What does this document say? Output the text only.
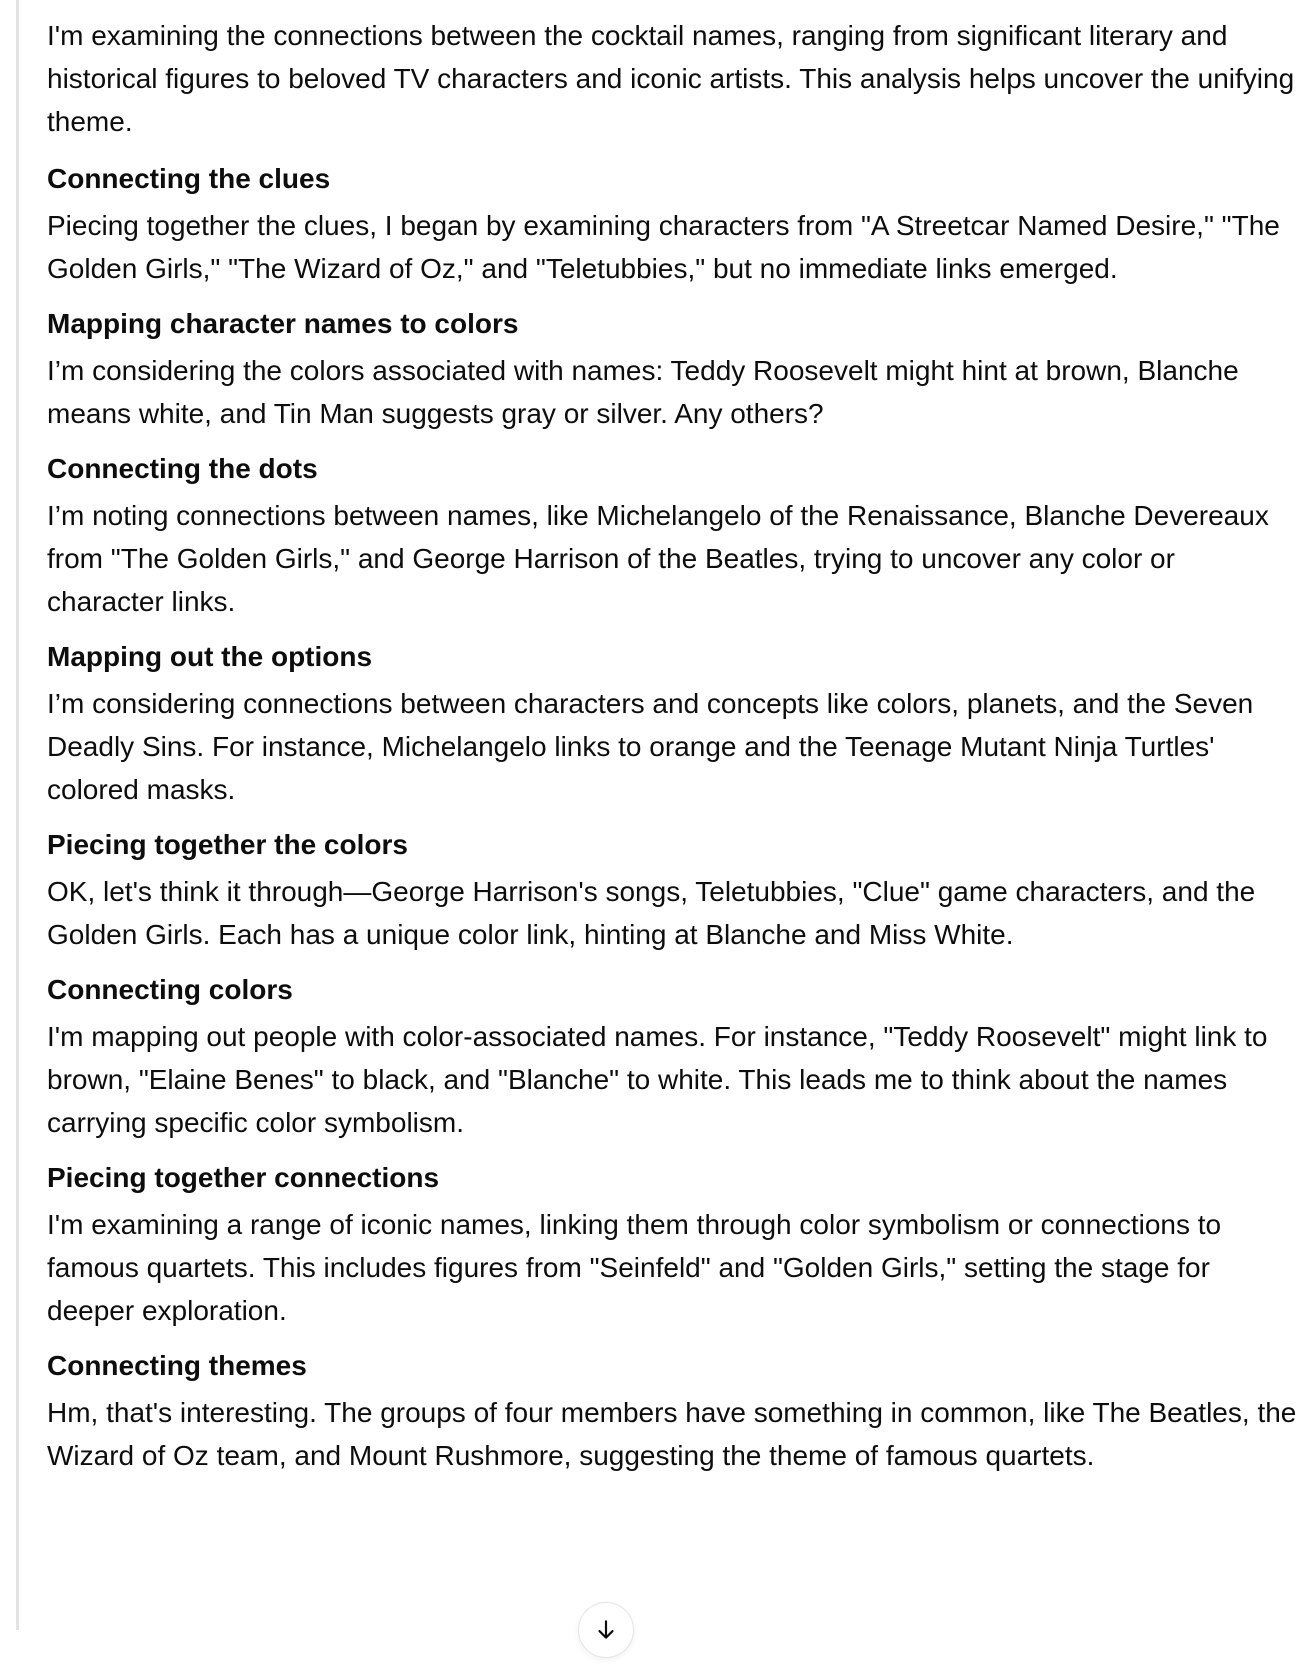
I'm examining the connections between the cocktail names, ranging from significant literary and historical figures to beloved TV characters and iconic artists. This analysis helps uncover the unifying theme.

Connecting the clues

Piecing together the clues, I began by examining characters from "A Streetcar Named Desire," "The Golden Girls," "The Wizard of Oz," and "Teletubbies," but no immediate links emerged.

Mapping character names to colors

I’m considering the colors associated with names: Teddy Roosevelt might hint at brown, Blanche means white, and Tin Man suggests gray or silver. Any others?

Connecting the dots

I’m noting connections between names, like Michelangelo of the Renaissance, Blanche Devereaux from "The Golden Girls," and George Harrison of the Beatles, trying to uncover any color or character links.

Mapping out the options

I’m considering connections between characters and concepts like colors, planets, and the Seven Deadly Sins. For instance, Michelangelo links to orange and the Teenage Mutant Ninja Turtles' colored masks.

Piecing together the colors

OK, let's think it through—George Harrison's songs, Teletubbies, "Clue" game characters, and the Golden Girls. Each has a unique color link, hinting at Blanche and Miss White.

Connecting colors

I'm mapping out people with color-associated names. For instance, "Teddy Roosevelt" might link to brown, "Elaine Benes" to black, and "Blanche" to white. This leads me to think about the names carrying specific color symbolism.

Piecing together connections

I'm examining a range of iconic names, linking them through color symbolism or connections to famous quartets. This includes figures from "Seinfeld" and "Golden Girls," setting the stage for deeper exploration.

Connecting themes

Hm, that's interesting. The groups of four members have something in common, like The Beatles, the Wizard of Oz team, and Mount Rushmore, suggesting the theme of famous quartets.
